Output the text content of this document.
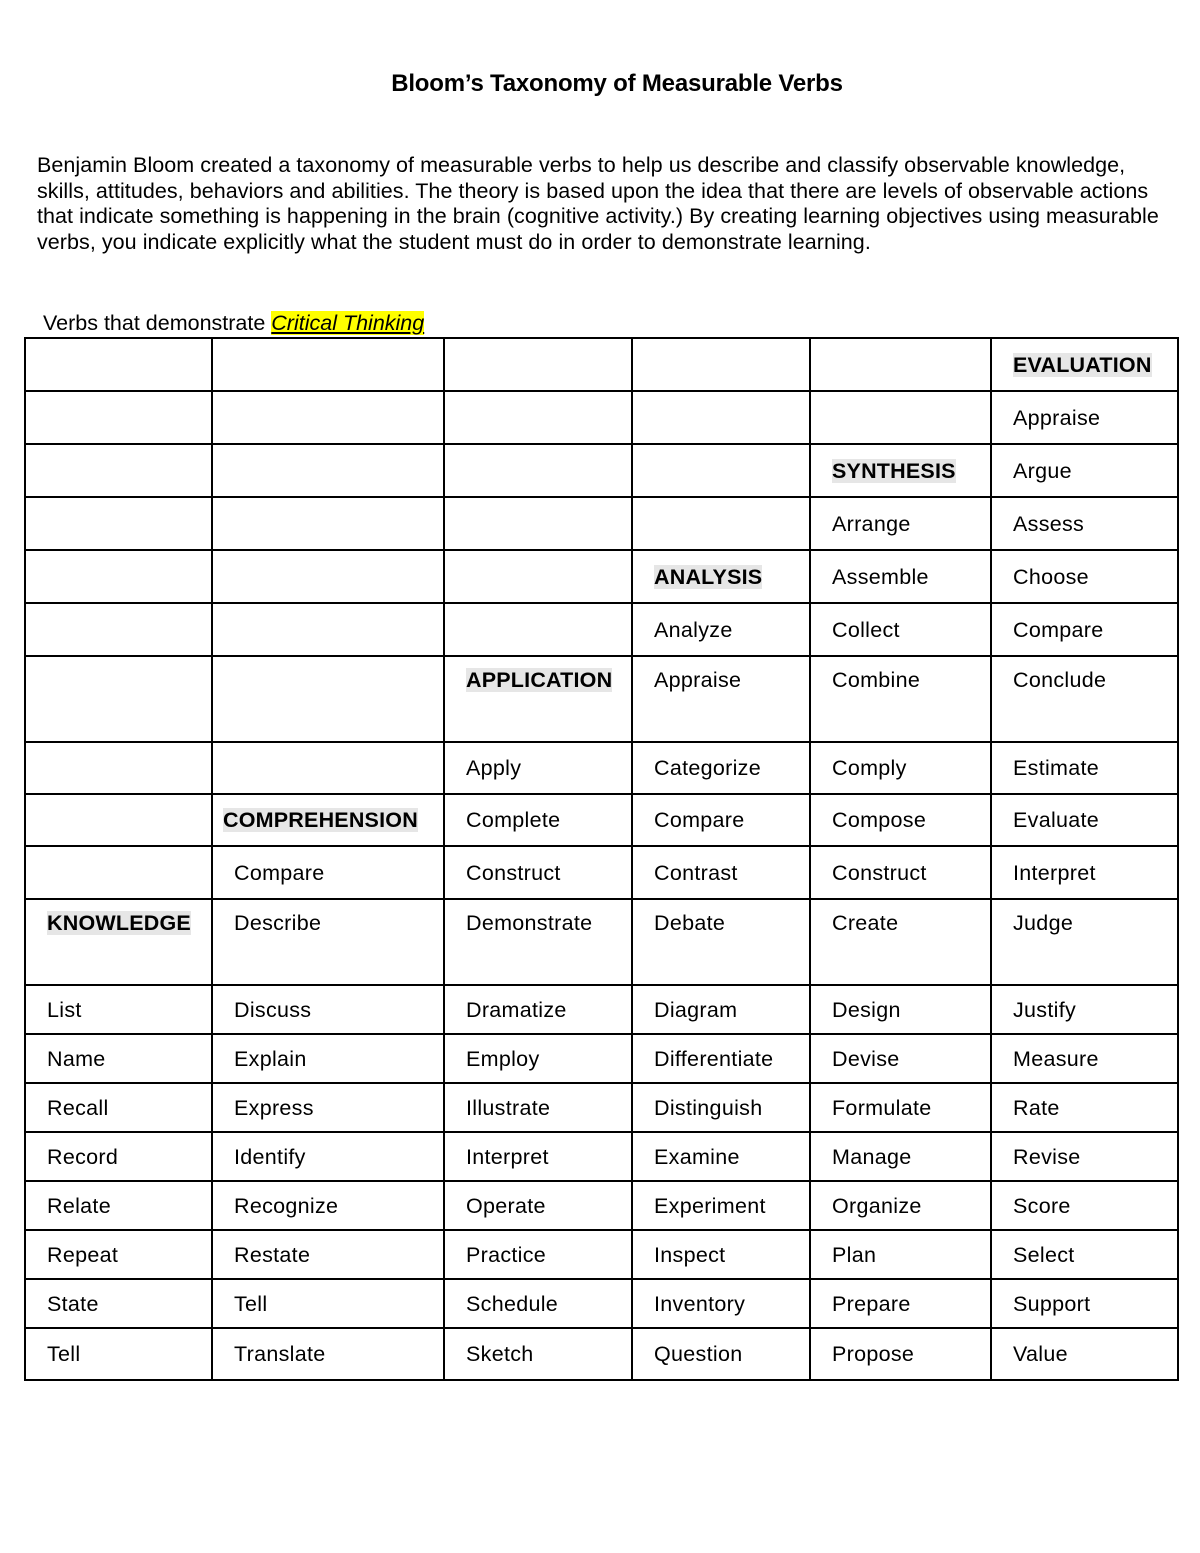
Bloom’s Taxonomy of Measurable Verbs
Benjamin Bloom created a taxonomy of measurable verbs to help us describe and classify observable knowledge, skills, attitudes, behaviors and abilities. The theory is based upon the idea that there are levels of observable actions that indicate something is happening in the brain (cognitive activity.) By creating learning objectives using measurable verbs, you indicate explicitly what the student must do in order to demonstrate learning.
Verbs that demonstrate Critical Thinking
					EVALUATION
					Appraise
				SYNTHESIS	Argue
				Arrange	Assess
			ANALYSIS	Assemble	Choose
			Analyze	Collect	Compare
		APPLICATION	Appraise	Combine	Conclude
		Apply	Categorize	Comply	Estimate
	COMPREHENSION	Complete	Compare	Compose	Evaluate
	Compare	Construct	Contrast	Construct	Interpret
KNOWLEDGE	Describe	Demonstrate	Debate	Create	Judge
List	Discuss	Dramatize	Diagram	Design	Justify
Name	Explain	Employ	Differentiate	Devise	Measure
Recall	Express	Illustrate	Distinguish	Formulate	Rate
Record	Identify	Interpret	Examine	Manage	Revise
Relate	Recognize	Operate	Experiment	Organize	Score
Repeat	Restate	Practice	Inspect	Plan	Select
State	Tell	Schedule	Inventory	Prepare	Support
Tell	Translate	Sketch	Question	Propose	Value
